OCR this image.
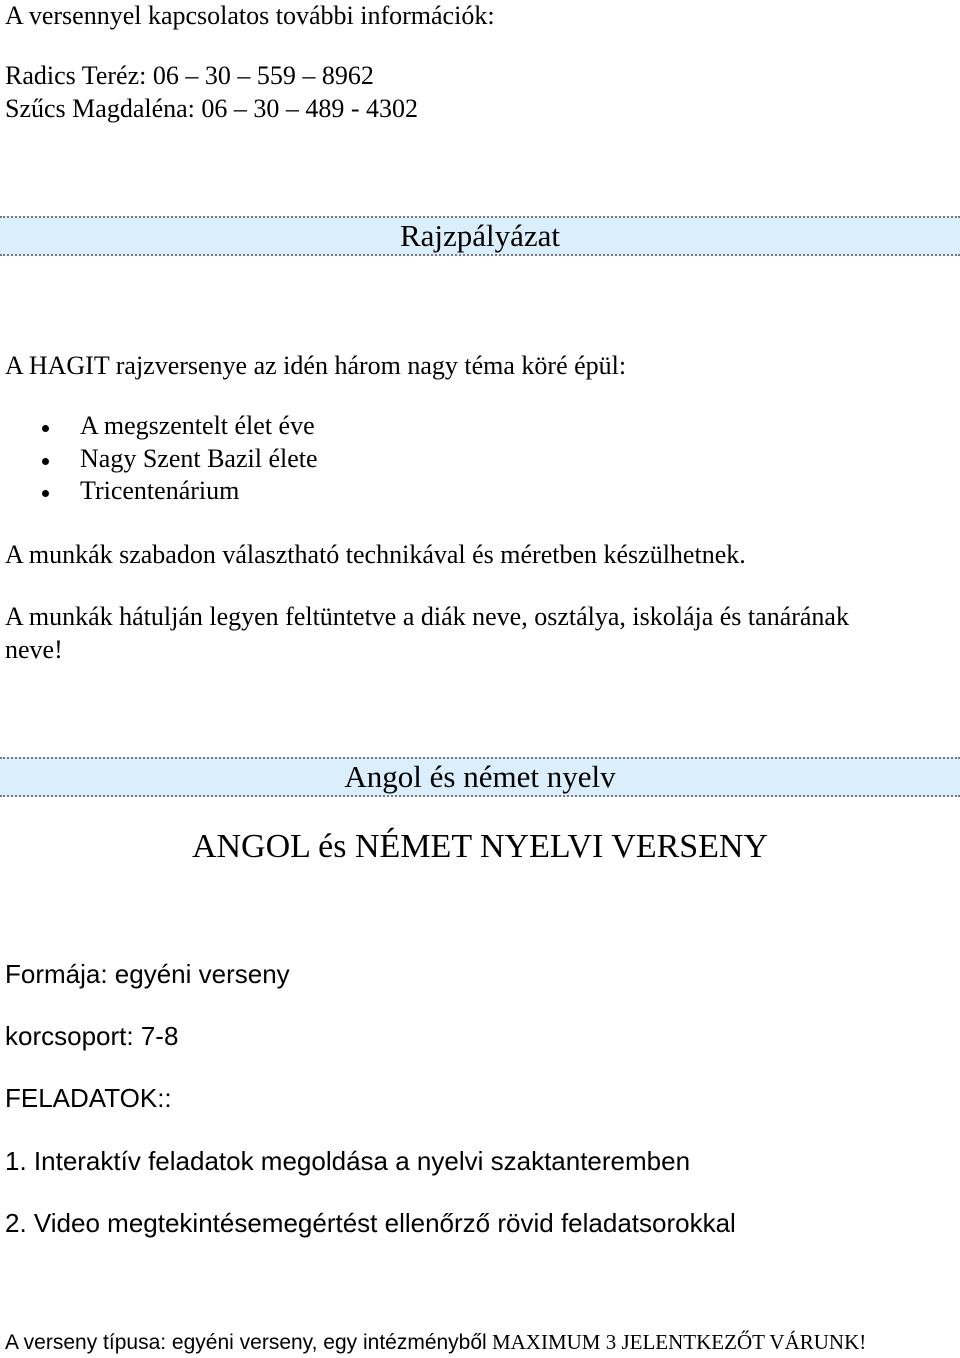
A versennyel kapcsolatos további információk:
Radics Teréz: 06 – 30 – 559 – 8962
Szűcs Magdaléna: 06 – 30 – 489 - 4302
Rajzpályázat
A HAGIT rajzversenye az idén három nagy téma köré épül:
A megszentelt élet éve
Nagy Szent Bazil élete
Tricentenárium
A munkák szabadon választható technikával és méretben készülhetnek.
A munkák hátulján legyen feltüntetve a diák neve, osztálya, iskolája és tanárának
neve!
Angol és német nyelv
ANGOL és NÉMET NYELVI VERSENY
Formája: egyéni verseny
korcsoport: 7-8
FELADATOK::
1. Interaktív feladatok megoldása a nyelvi szaktanteremben
2. Video megtekintésemegértést ellenőrző rövid feladatsorokkal
A verseny típusa: egyéni verseny, egy intézményből MAXIMUM 3 JELENTKEZŐT VÁRUNK!
